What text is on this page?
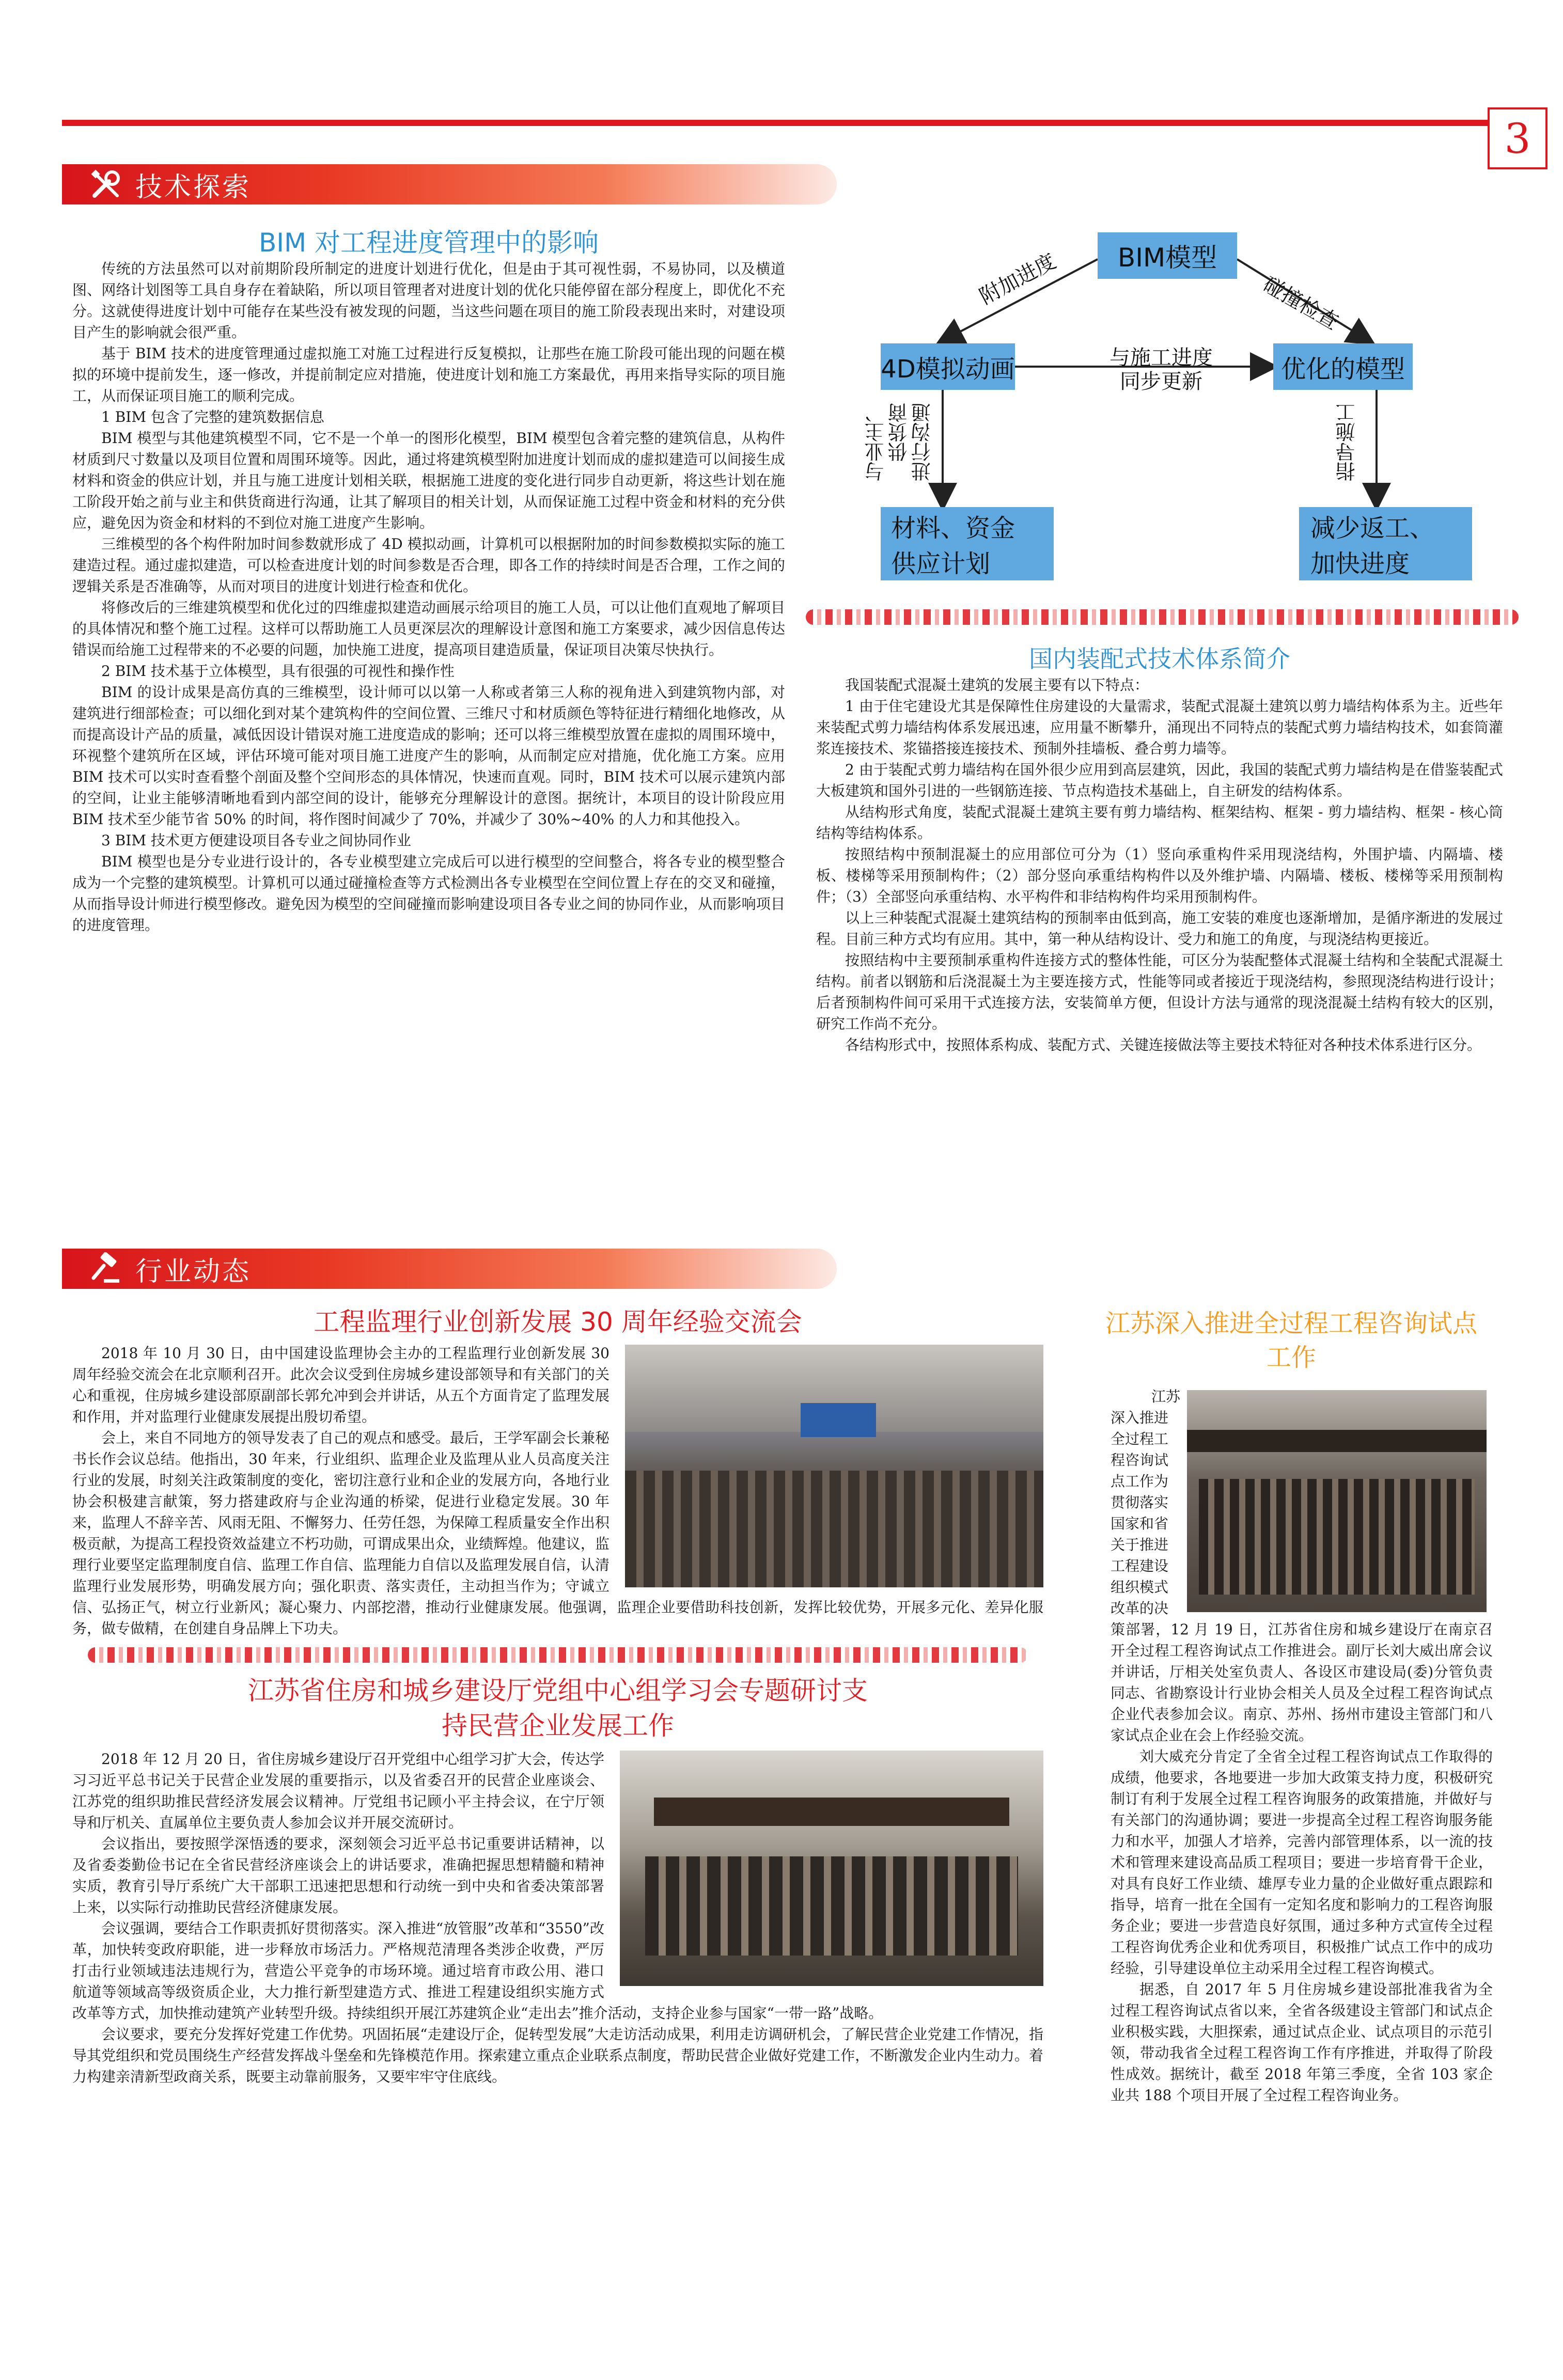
3
技术探索
BIM 对工程进度管理中的影响

传统的方法虽然可以对前期阶段所制定的进度计划进行优化，但是由于其可视性弱，不易协同，以及横道图、网络计划图等工具自身存在着缺陷，所以项目管理者对进度计划的优化只能停留在部分程度上，即优化不充分。这就使得进度计划中可能存在某些没有被发现的问题，当这些问题在项目的施工阶段表现出来时，对建设项目产生的影响就会很严重。

基于 BIM 技术的进度管理通过虚拟施工对施工过程进行反复模拟，让那些在施工阶段可能出现的问题在模拟的环境中提前发生，逐一修改，并提前制定应对措施，使进度计划和施工方案最优，再用来指导实际的项目施工，从而保证项目施工的顺利完成。

1 BIM 包含了完整的建筑数据信息

BIM 模型与其他建筑模型不同，它不是一个单一的图形化模型，BIM 模型包含着完整的建筑信息，从构件材质到尺寸数量以及项目位置和周围环境等。因此，通过将建筑模型附加进度计划而成的虚拟建造可以间接生成材料和资金的供应计划，并且与施工进度计划相关联，根据施工进度的变化进行同步自动更新，将这些计划在施工阶段开始之前与业主和供货商进行沟通，让其了解项目的相关计划，从而保证施工过程中资金和材料的充分供应，避免因为资金和材料的不到位对施工进度产生影响。

三维模型的各个构件附加时间参数就形成了 4D 模拟动画，计算机可以根据附加的时间参数模拟实际的施工建造过程。通过虚拟建造，可以检查进度计划的时间参数是否合理，即各工作的持续时间是否合理，工作之间的逻辑关系是否准确等，从而对项目的进度计划进行检查和优化。

将修改后的三维建筑模型和优化过的四维虚拟建造动画展示给项目的施工人员，可以让他们直观地了解项目的具体情况和整个施工过程。这样可以帮助施工人员更深层次的理解设计意图和施工方案要求，减少因信息传达错误而给施工过程带来的不必要的问题，加快施工进度，提高项目建造质量，保证项目决策尽快执行。

2 BIM 技术基于立体模型，具有很强的可视性和操作性

BIM 的设计成果是高仿真的三维模型，设计师可以以第一人称或者第三人称的视角进入到建筑物内部，对建筑进行细部检查；可以细化到对某个建筑构件的空间位置、三维尺寸和材质颜色等特征进行精细化地修改，从而提高设计产品的质量，减低因设计错误对施工进度造成的影响；还可以将三维模型放置在虚拟的周围环境中，环视整个建筑所在区域，评估环境可能对项目施工进度产生的影响，从而制定应对措施，优化施工方案。应用 BIM 技术可以实时查看整个剖面及整个空间形态的具体情况，快速而直观。同时，BIM 技术可以展示建筑内部的空间，让业主能够清晰地看到内部空间的设计，能够充分理解设计的意图。据统计，本项目的设计阶段应用 BIM 技术至少能节省 50% 的时间，将作图时间减少了 70%，并减少了 30%~40% 的人力和其他投入。

3 BIM 技术更方便建设项目各专业之间协同作业

BIM 模型也是分专业进行设计的，各专业模型建立完成后可以进行模型的空间整合，将各专业的模型整合成为一个完整的建筑模型。计算机可以通过碰撞检查等方式检测出各专业模型在空间位置上存在的交叉和碰撞，从而指导设计师进行模型修改。避免因为模型的空间碰撞而影响建设项目各专业之间的协同作业，从而影响项目的进度管理。

BIM模型
4D模拟动画	优化的模型
材料、资金
供应计划
减少返工、
加快进度
附加进度	碰撞检查
与施工进度
同步更新
与业主、 供货商 进行沟通	指导施工
国内装配式技术体系简介

我国装配式混凝土建筑的发展主要有以下特点：

1 由于住宅建设尤其是保障性住房建设的大量需求，装配式混凝土建筑以剪力墙结构体系为主。近些年来装配式剪力墙结构体系发展迅速，应用量不断攀升，涌现出不同特点的装配式剪力墙结构技术，如套筒灌浆连接技术、浆锚搭接连接技术、预制外挂墙板、叠合剪力墙等。

2 由于装配式剪力墙结构在国外很少应用到高层建筑，因此，我国的装配式剪力墙结构是在借鉴装配式大板建筑和国外引进的一些钢筋连接、节点构造技术基础上，自主研发的结构体系。

从结构形式角度，装配式混凝土建筑主要有剪力墙结构、框架结构、框架 - 剪力墙结构、框架 - 核心筒结构等结构体系。

按照结构中预制混凝土的应用部位可分为（1）竖向承重构件采用现浇结构，外围护墙、内隔墙、楼板、楼梯等采用预制构件；（2）部分竖向承重结构构件以及外维护墙、内隔墙、楼板、楼梯等采用预制构件；（3）全部竖向承重结构、水平构件和非结构构件均采用预制构件。

以上三种装配式混凝土建筑结构的预制率由低到高，施工安装的难度也逐渐增加，是循序渐进的发展过程。目前三种方式均有应用。其中，第一种从结构设计、受力和施工的角度，与现浇结构更接近。

按照结构中主要预制承重构件连接方式的整体性能，可区分为装配整体式混凝土结构和全装配式混凝土结构。前者以钢筋和后浇混凝土为主要连接方式，性能等同或者接近于现浇结构，参照现浇结构进行设计；后者预制构件间可采用干式连接方法，安装简单方便，但设计方法与通常的现浇混凝土结构有较大的区别，研究工作尚不充分。

各结构形式中，按照体系构成、装配方式、关键连接做法等主要技术特征对各种技术体系进行区分。

行业动态
工程监理行业创新发展 30 周年经验交流会

2018 年 10 月 30 日，由中国建设监理协会主办的工程监理行业创新发展 30 周年经验交流会在北京顺利召开。此次会议受到住房城乡建设部领导和有关部门的关心和重视，住房城乡建设部原副部长郭允冲到会并讲话，从五个方面肯定了监理发展和作用，并对监理行业健康发展提出殷切希望。

会上，来自不同地方的领导发表了自己的观点和感受。最后，王学军副会长兼秘书长作会议总结。他指出，30 年来，行业组织、监理企业及监理从业人员高度关注行业的发展，时刻关注政策制度的变化，密切注意行业和企业的发展方向，各地行业协会积极建言献策，努力搭建政府与企业沟通的桥梁，促进行业稳定发展。30 年来，监理人不辞辛苦、风雨无阻、不懈努力、任劳任怨，为保障工程质量安全作出积极贡献，为提高工程投资效益建立不朽功勋，可谓成果出众，业绩辉煌。他建议，监理行业要坚定监理制度自信、监理工作自信、监理能力自信以及监理发展自信，认清监理行业发展形势，明确发展方向；强化职责、落实责任，主动担当作为；守诚立信、弘扬正气，树立行业新风；凝心聚力、内部挖潜，推动行业健康发展。他强调，监理企业要借助科技创新，发挥比较优势，开展多元化、差异化服务，做专做精，在创建自身品牌上下功夫。

江苏省住房和城乡建设厅党组中心组学习会专题研讨支
持民营企业发展工作

2018 年 12 月 20 日，省住房城乡建设厅召开党组中心组学习扩大会，传达学习习近平总书记关于民营企业发展的重要指示，以及省委召开的民营企业座谈会、江苏党的组织助推民营经济发展会议精神。厅党组书记顾小平主持会议，在宁厅领导和厅机关、直属单位主要负责人参加会议并开展交流研讨。

会议指出，要按照学深悟透的要求，深刻领会习近平总书记重要讲话精神，以及省委娄勤俭书记在全省民营经济座谈会上的讲话要求，准确把握思想精髓和精神实质，教育引导厅系统广大干部职工迅速把思想和行动统一到中央和省委决策部署上来，以实际行动推助民营经济健康发展。

会议强调，要结合工作职责抓好贯彻落实。深入推进“放管服”改革和“3550”改革，加快转变政府职能，进一步释放市场活力。严格规范清理各类涉企收费，严厉打击行业领域违法违规行为，营造公平竞争的市场环境。通过培育市政公用、港口航道等领域高等级资质企业，大力推行新型建造方式、推进工程建设组织实施方式改革等方式，加快推动建筑产业转型升级。持续组织开展江苏建筑企业“走出去”推介活动，支持企业参与国家“一带一路”战略。

会议要求，要充分发挥好党建工作优势。巩固拓展“走建设厅企，促转型发展”大走访活动成果，利用走访调研机会，了解民营企业党建工作情况，指导其党组织和党员围绕生产经营发挥战斗堡垒和先锋模范作用。探索建立重点企业联系点制度，帮助民营企业做好党建工作，不断激发企业内生动力。着力构建亲清新型政商关系，既要主动靠前服务，又要牢牢守住底线。

江苏深入推进全过程工程咨询试点
工作
江苏
深入推进
全过程工
程咨询试
点工作为
贯彻落实
国家和省
关于推进
工程建设
组织模式
改革的决

策部署，12 月 19 日，江苏省住房和城乡建设厅在南京召开全过程工程咨询试点工作推进会。副厅长刘大威出席会议并讲话，厅相关处室负责人、各设区市建设局(委)分管负责同志、省勘察设计行业协会相关人员及全过程工程咨询试点企业代表参加会议。南京、苏州、扬州市建设主管部门和八家试点企业在会上作经验交流。

刘大威充分肯定了全省全过程工程咨询试点工作取得的成绩，他要求，各地要进一步加大政策支持力度，积极研究制订有利于发展全过程工程咨询服务的政策措施，并做好与有关部门的沟通协调；要进一步提高全过程工程咨询服务能力和水平，加强人才培养，完善内部管理体系，以一流的技术和管理来建设高品质工程项目；要进一步培育骨干企业，对具有良好工作业绩、雄厚专业力量的企业做好重点跟踪和指导，培育一批在全国有一定知名度和影响力的工程咨询服务企业；要进一步营造良好氛围，通过多种方式宣传全过程工程咨询优秀企业和优秀项目，积极推广试点工作中的成功经验，引导建设单位主动采用全过程工程咨询模式。

据悉，自 2017 年 5 月住房城乡建设部批准我省为全过程工程咨询试点省以来，全省各级建设主管部门和试点企业积极实践，大胆探索，通过试点企业、试点项目的示范引领，带动我省全过程工程咨询工作有序推进，并取得了阶段性成效。据统计，截至 2018 年第三季度，全省 103 家企业共 188 个项目开展了全过程工程咨询业务。
